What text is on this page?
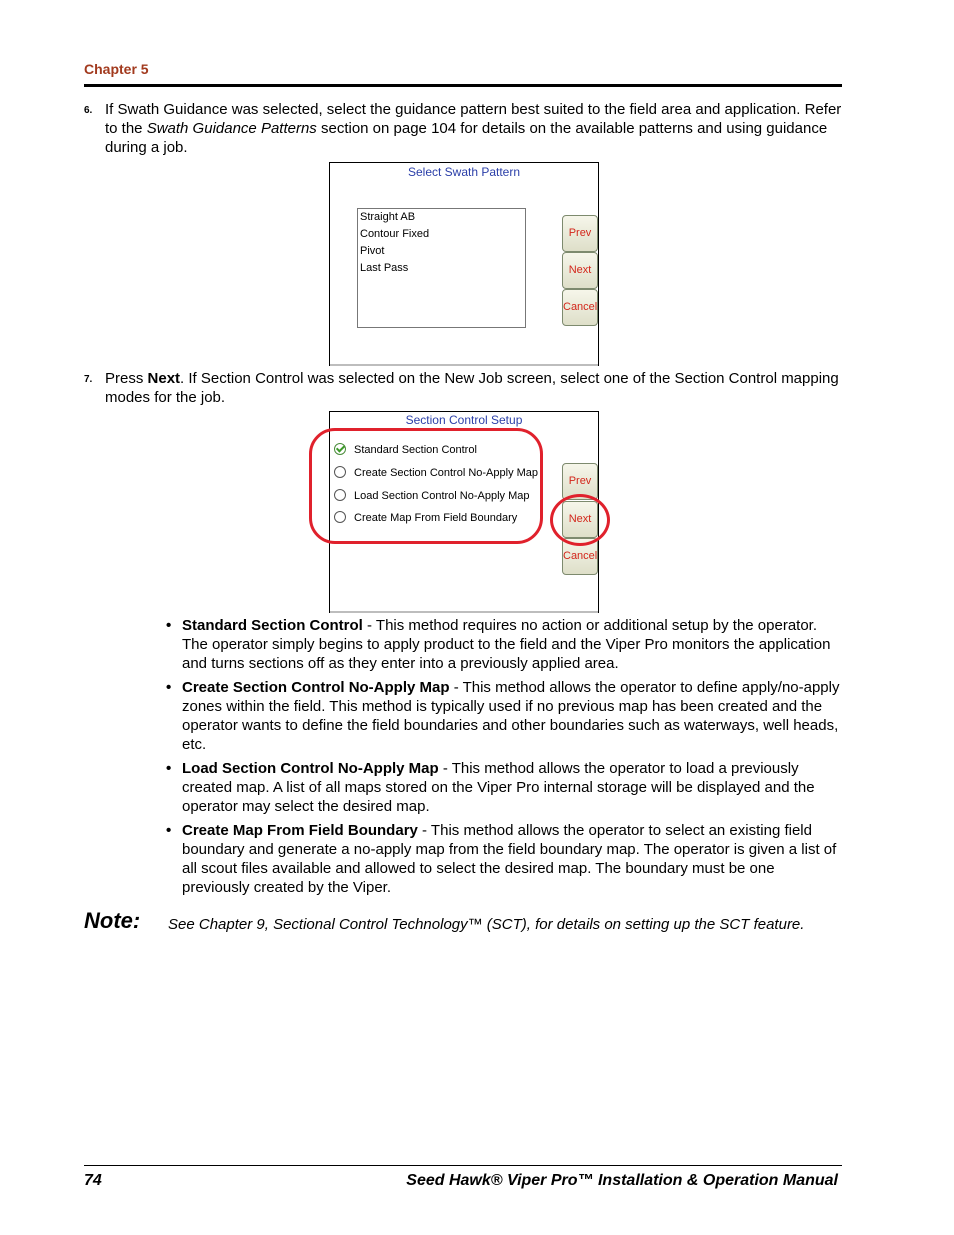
Chapter 5
6. If Swath Guidance was selected, select the guidance pattern best suited to the field area and application. Refer to the Swath Guidance Patterns section on page 104 for details on the available patterns and using guidance during a job.
Select Swath Pattern
Straight AB
Contour Fixed
Pivot
Last Pass
Prev
Next
Cancel
7. Press Next. If Section Control was selected on the New Job screen, select one of the Section Control mapping modes for the job.
Section Control Setup
Standard Section Control
Create Section Control No-Apply Map
Load Section Control No-Apply Map
Create Map From Field Boundary
Prev
Next
Cancel
• Standard Section Control - This method requires no action or additional setup by the operator. The operator simply begins to apply product to the field and the Viper Pro monitors the application and turns sections off as they enter into a previously applied area.
• Create Section Control No-Apply Map - This method allows the operator to define apply/no-apply zones within the field. This method is typically used if no previous map has been created and the operator wants to define the field boundaries and other boundaries such as waterways, well heads, etc.
• Load Section Control No-Apply Map - This method allows the operator to load a previously created map. A list of all maps stored on the Viper Pro internal storage will be displayed and the operator may select the desired map.
• Create Map From Field Boundary - This method allows the operator to select an existing field boundary and generate a no-apply map from the field boundary map. The operator is given a list of all scout files available and allowed to select the desired map. The boundary must be one previously created by the Viper.
Note: See Chapter 9, Sectional Control Technology™ (SCT), for details on setting up the SCT feature.
74	Seed Hawk® Viper Pro™ Installation & Operation Manual
